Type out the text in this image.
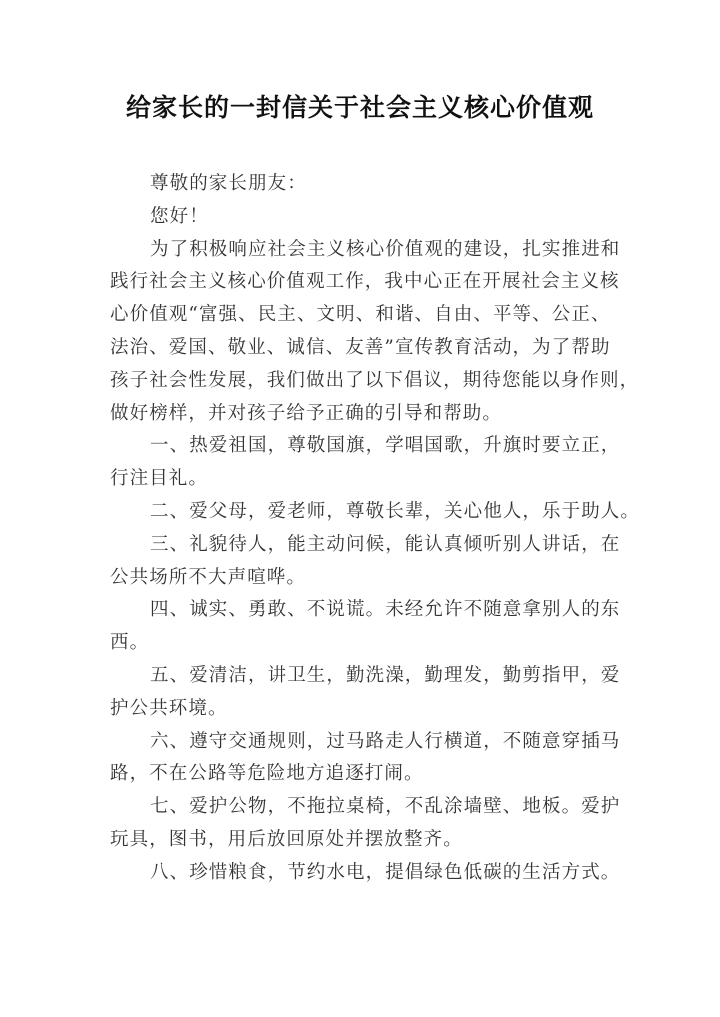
给家长的一封信关于社会主义核心价值观
尊敬的家长朋友：
您好！
为了积极响应社会主义核心价值观的建设，扎实推进和
践行社会主义核心价值观工作，我中心正在开展社会主义核
心价值观“富强、民主、文明、和谐、自由、平等、公正、
法治、爱国、敬业、诚信、友善”宣传教育活动，为了帮助
孩子社会性发展，我们做出了以下倡议，期待您能以身作则，
做好榜样，并对孩子给予正确的引导和帮助。
一、热爱祖国，尊敬国旗，学唱国歌，升旗时要立正，
行注目礼。
二、爱父母，爱老师，尊敬长辈，关心他人，乐于助人。
三、礼貌待人，能主动问候，能认真倾听别人讲话，在
公共场所不大声喧哗。
四、诚实、勇敢、不说谎。未经允许不随意拿别人的东
西。
五、爱清洁，讲卫生，勤洗澡，勤理发，勤剪指甲，爱
护公共环境。
六、遵守交通规则，过马路走人行横道，不随意穿插马
路，不在公路等危险地方追逐打闹。
七、爱护公物，不拖拉桌椅，不乱涂墙壁、地板。爱护
玩具，图书，用后放回原处并摆放整齐。
八、珍惜粮食，节约水电，提倡绿色低碳的生活方式。
